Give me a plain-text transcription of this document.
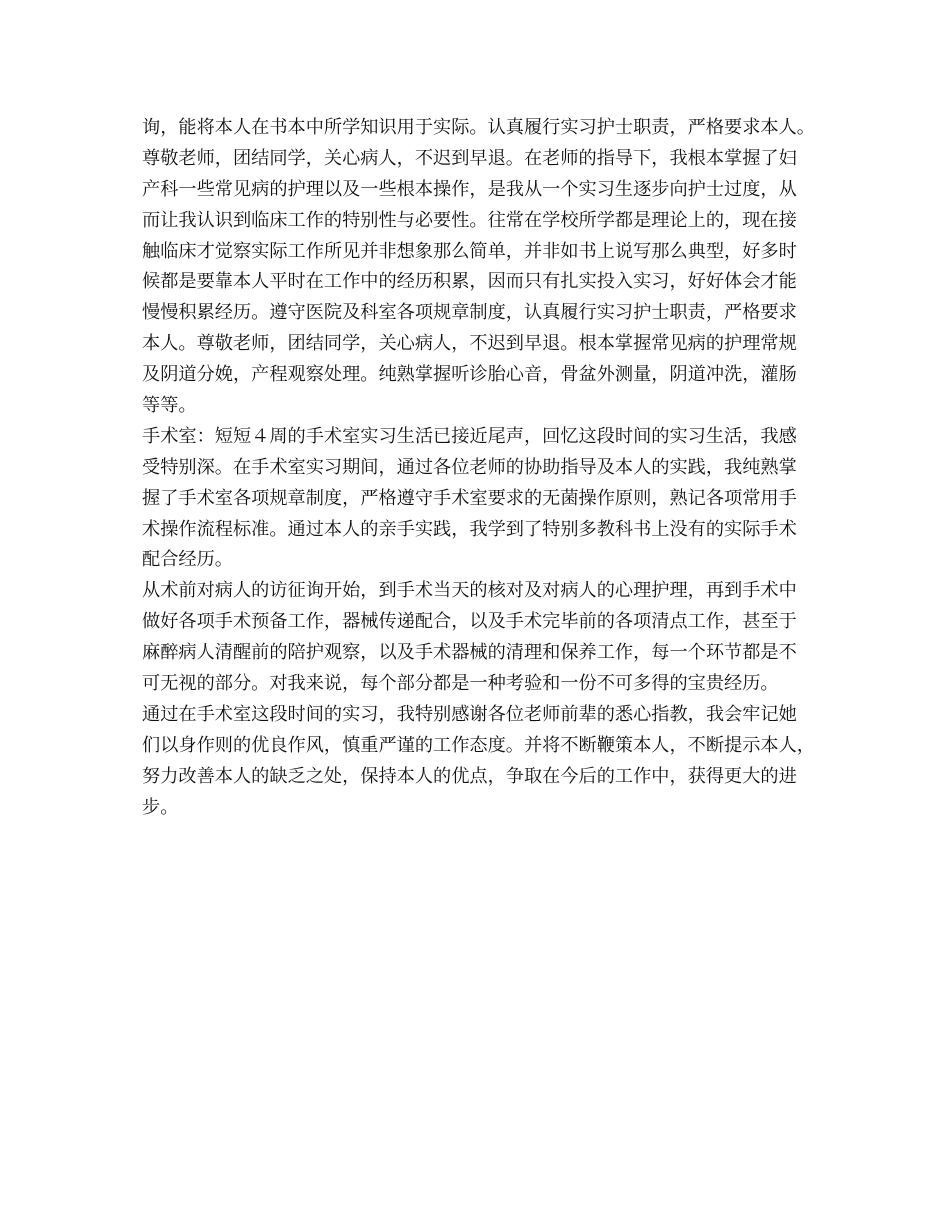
询，能将本人在书本中所学知识用于实际。认真履行实习护士职责，严格要求本人。
尊敬老师，团结同学，关心病人，不迟到早退。在老师的指导下，我根本掌握了妇
产科一些常见病的护理以及一些根本操作，是我从一个实习生逐步向护士过度，从
而让我认识到临床工作的特别性与必要性。往常在学校所学都是理论上的，现在接
触临床才觉察实际工作所见并非想象那么简单，并非如书上说写那么典型，好多时
候都是要靠本人平时在工作中的经历积累，因而只有扎实投入实习，好好体会才能
慢慢积累经历。遵守医院及科室各项规章制度，认真履行实习护士职责，严格要求
本人。尊敬老师，团结同学，关心病人，不迟到早退。根本掌握常见病的护理常规
及阴道分娩，产程观察处理。纯熟掌握听诊胎心音，骨盆外测量，阴道冲洗，灌肠
等等。
手术室：短短４周的手术室实习生活已接近尾声，回忆这段时间的实习生活，我感
受特别深。在手术室实习期间，通过各位老师的协助指导及本人的实践，我纯熟掌
握了手术室各项规章制度，严格遵守手术室要求的无菌操作原则，熟记各项常用手
术操作流程标准。通过本人的亲手实践，我学到了特别多教科书上没有的实际手术
配合经历。
从术前对病人的访征询开始，到手术当天的核对及对病人的心理护理，再到手术中
做好各项手术预备工作，器械传递配合，以及手术完毕前的各项清点工作，甚至于
麻醉病人清醒前的陪护观察，以及手术器械的清理和保养工作，每一个环节都是不
可无视的部分。对我来说，每个部分都是一种考验和一份不可多得的宝贵经历。
通过在手术室这段时间的实习，我特别感谢各位老师前辈的悉心指教，我会牢记她
们以身作则的优良作风，慎重严谨的工作态度。并将不断鞭策本人，不断提示本人，
努力改善本人的缺乏之处，保持本人的优点，争取在今后的工作中，获得更大的进
步。
